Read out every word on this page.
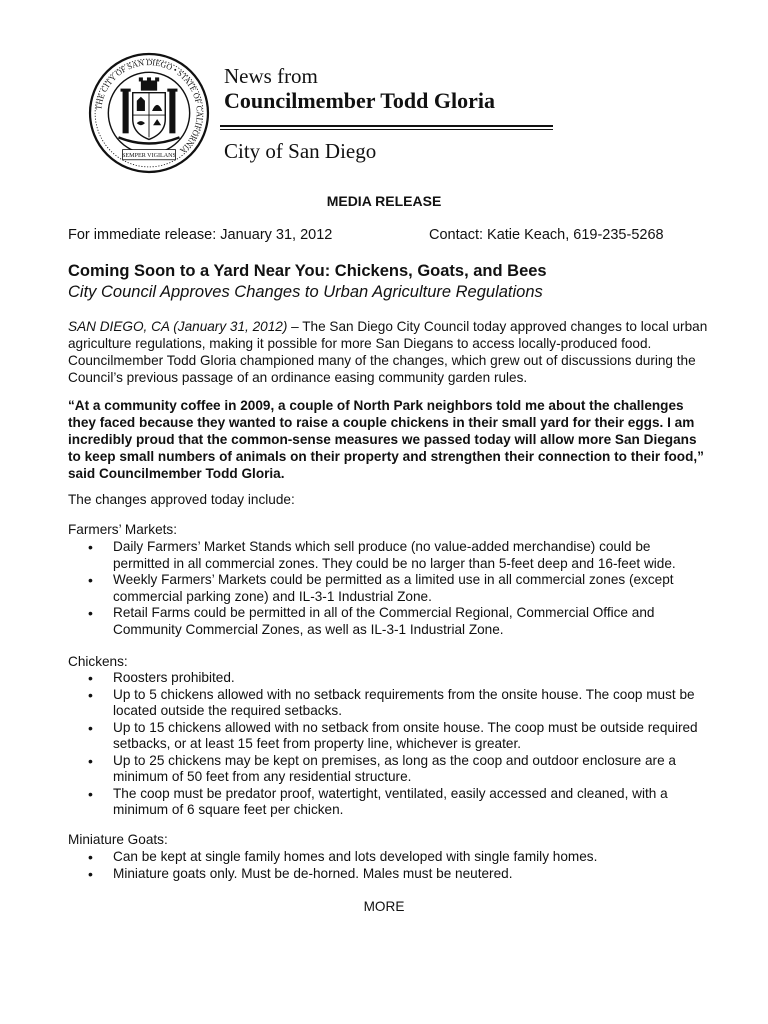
THE CITY OF SAN DIEGO • STATE OF CALIFORNIA
SEMPER VIGILANS
News from
Councilmember Todd Gloria
City of San Diego
MEDIA RELEASE
For immediate release: January 31, 2012	Contact: Katie Keach, 619-235-5268
Coming Soon to a Yard Near You: Chickens, Goats, and Bees
City Council Approves Changes to Urban Agriculture Regulations
SAN DIEGO, CA (January 31, 2012) – The San Diego City Council today approved changes to local urban agriculture regulations, making it possible for more San Diegans to access locally-produced food. Councilmember Todd Gloria championed many of the changes, which grew out of discussions during the Council’s previous passage of an ordinance easing community garden rules.
“At a community coffee in 2009, a couple of North Park neighbors told me about the challenges they faced because they wanted to raise a couple chickens in their small yard for their eggs. I am incredibly proud that the common-sense measures we passed today will allow more San Diegans to keep small numbers of animals on their property and strengthen their connection to their food,” said Councilmember Todd Gloria.
The changes approved today include:
Farmers’ Markets:
• Daily Farmers’ Market Stands which sell produce (no value-added merchandise) could be permitted in all commercial zones. They could be no larger than 5-feet deep and 16-feet wide.
• Weekly Farmers’ Markets could be permitted as a limited use in all commercial zones (except commercial parking zone) and IL-3-1 Industrial Zone.
• Retail Farms could be permitted in all of the Commercial Regional, Commercial Office and Community Commercial Zones, as well as IL-3-1 Industrial Zone.
Chickens:
• Roosters prohibited.
• Up to 5 chickens allowed with no setback requirements from the onsite house. The coop must be located outside the required setbacks.
• Up to 15 chickens allowed with no setback from onsite house. The coop must be outside required setbacks, or at least 15 feet from property line, whichever is greater.
• Up to 25 chickens may be kept on premises, as long as the coop and outdoor enclosure are a minimum of 50 feet from any residential structure.
• The coop must be predator proof, watertight, ventilated, easily accessed and cleaned, with a minimum of 6 square feet per chicken.
Miniature Goats:
• Can be kept at single family homes and lots developed with single family homes.
• Miniature goats only. Must be de-horned. Males must be neutered.
MORE
